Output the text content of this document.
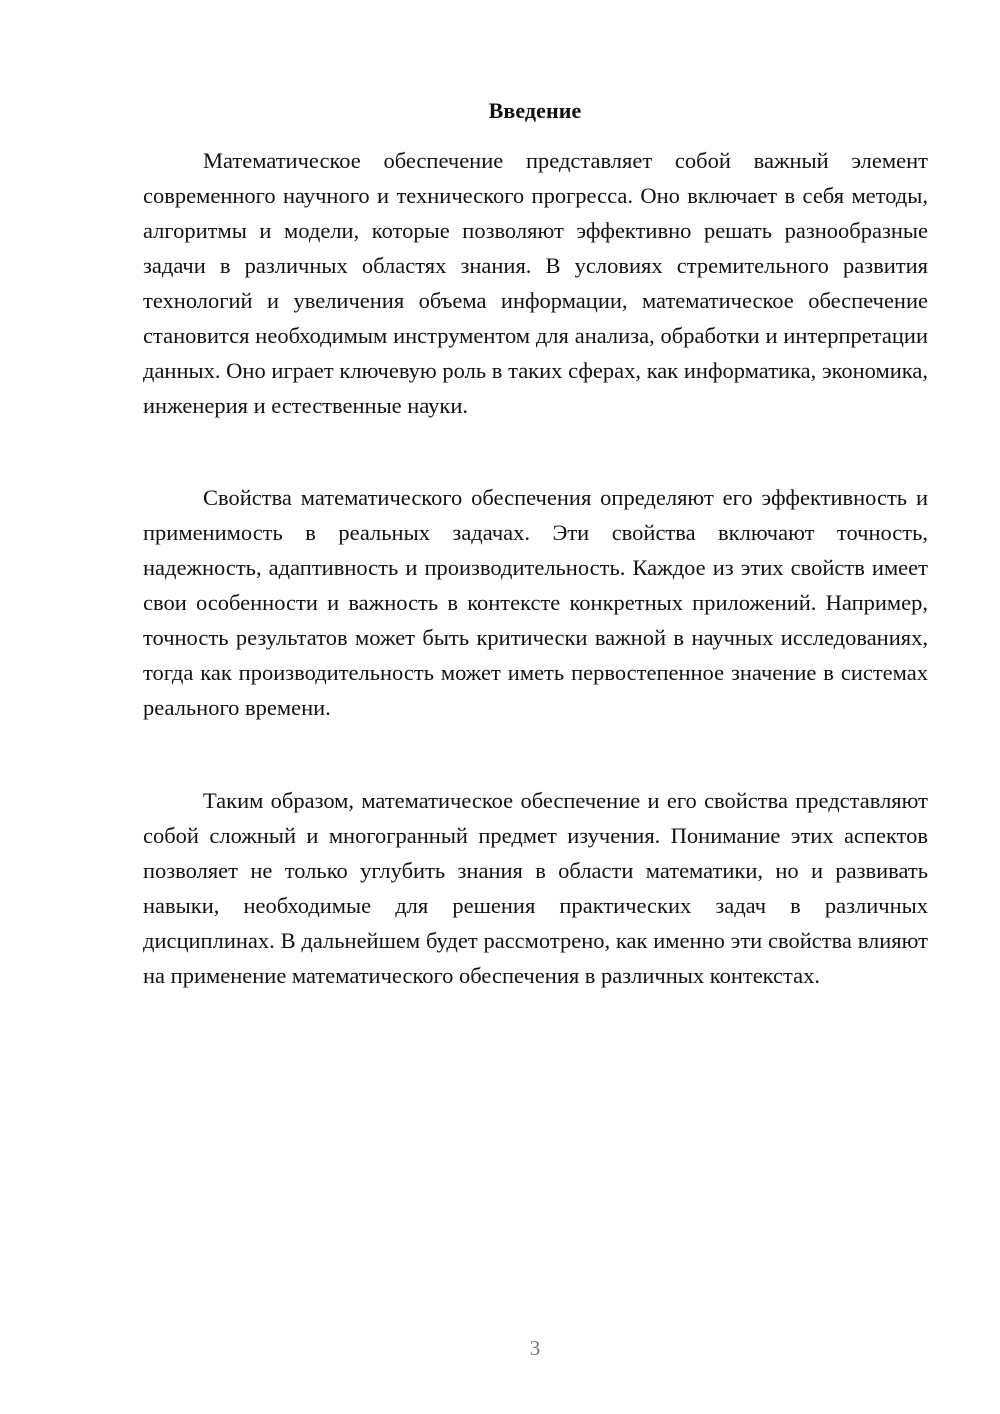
Введение

Математическое обеспечение представляет собой важный элемент современного научного и технического прогресса. Оно включает в себя методы, алгоритмы и модели, которые позволяют эффективно решать разнообразные задачи в различных областях знания. В условиях стремительного развития технологий и увеличения объема информации, математическое обеспечение становится необходимым инструментом для анализа, обработки и интерпретации данных. Оно играет ключевую роль в таких сферах, как информатика, экономика, инженерия и естественные науки.

Свойства математического обеспечения определяют его эффективность и применимость в реальных задачах. Эти свойства включают точность, надежность, адаптивность и производительность. Каждое из этих свойств имеет свои особенности и важность в контексте конкретных приложений. Например, точность результатов может быть критически важной в научных исследованиях, тогда как производительность может иметь первостепенное значение в системах реального времени.

Таким образом, математическое обеспечение и его свойства представляют собой сложный и многогранный предмет изучения. Понимание этих аспектов позволяет не только углубить знания в области математики, но и развивать навыки, необходимые для решения практических задач в различных дисциплинах. В дальнейшем будет рассмотрено, как именно эти свойства влияют на применение математического обеспечения в различных контекстах.

3
